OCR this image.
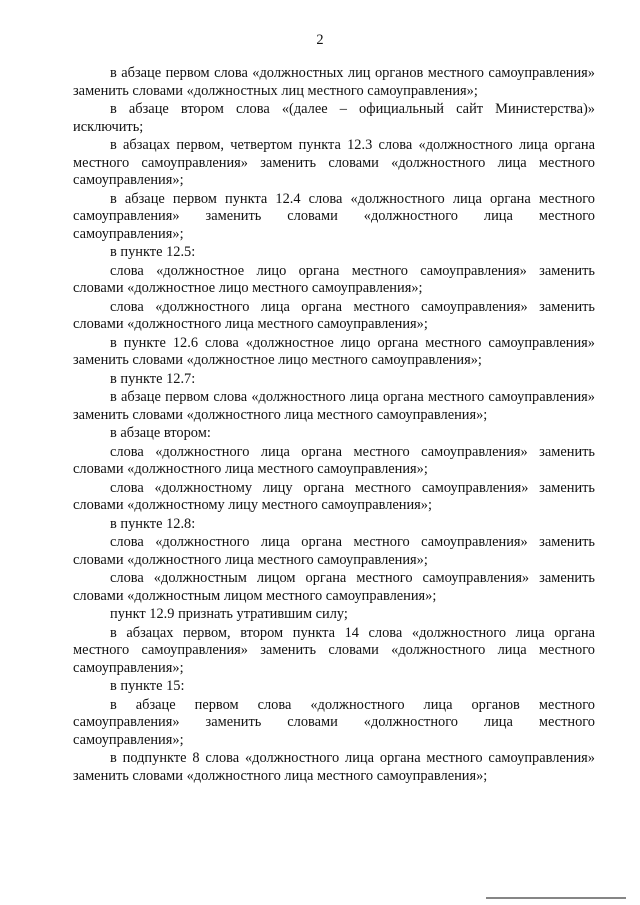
2

в абзаце первом слова «должностных лиц органов местного самоуправления» заменить словами «должностных лиц местного самоуправления»;

в абзаце втором слова «(далее – официальный сайт Министерства)» исключить;

в абзацах первом, четвертом пункта 12.3 слова «должностного лица органа местного самоуправления» заменить словами «должностного лица местного самоуправления»;

в абзаце первом пункта 12.4 слова «должностного лица органа местного самоуправления» заменить словами «должностного лица местного самоуправления»;

в пункте 12.5:

слова «должностное лицо органа местного самоуправления» заменить словами «должностное лицо местного самоуправления»;

слова «должностного лица органа местного самоуправления» заменить словами «должностного лица местного самоуправления»;

в пункте 12.6 слова «должностное лицо органа местного самоуправления» заменить словами «должностное лицо местного самоуправления»;

в пункте 12.7:

в абзаце первом слова «должностного лица органа местного самоуправления» заменить словами «должностного лица местного самоуправления»;

в абзаце втором:

слова «должностного лица органа местного самоуправления» заменить словами «должностного лица местного самоуправления»;

слова «должностному лицу органа местного самоуправления» заменить словами «должностному лицу местного самоуправления»;

в пункте 12.8:

слова «должностного лица органа местного самоуправления» заменить словами «должностного лица местного самоуправления»;

слова «должностным лицом органа местного самоуправления» заменить словами «должностным лицом местного самоуправления»;

пункт 12.9 признать утратившим силу;

в абзацах первом, втором пункта 14 слова «должностного лица органа местного самоуправления» заменить словами «должностного лица местного самоуправления»;

в пункте 15:

в абзаце первом слова «должностного лица органов местного самоуправления» заменить словами «должностного лица местного самоуправления»;

в подпункте 8 слова «должностного лица органа местного самоуправления» заменить словами «должностного лица местного самоуправления»;
